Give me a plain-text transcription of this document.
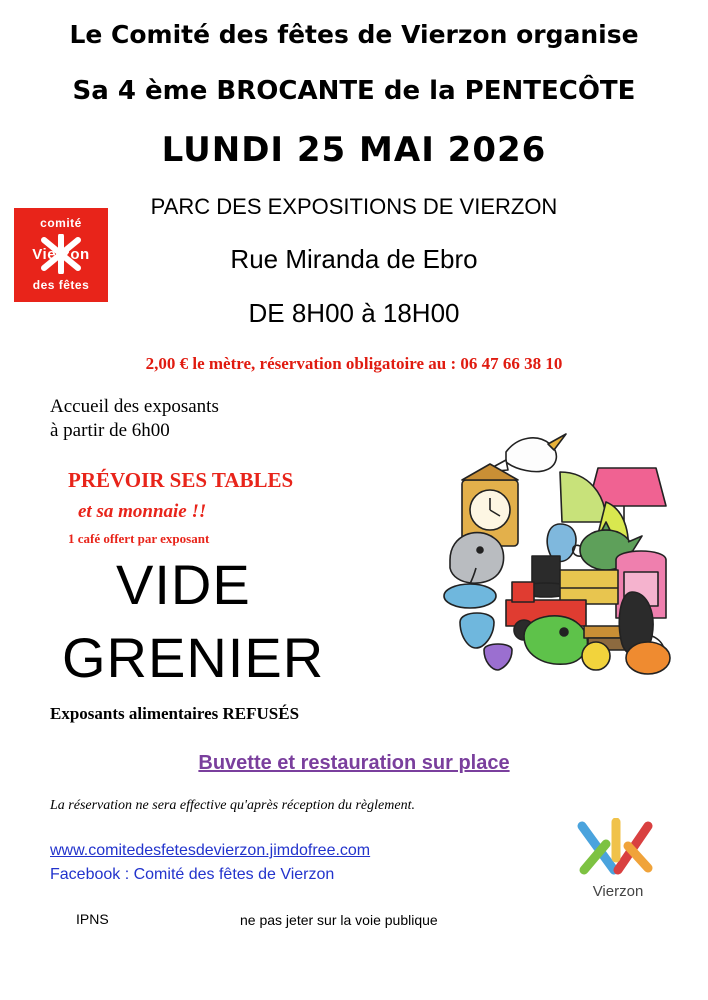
Le Comité des fêtes de Vierzon organise
Sa 4 ème BROCANTE de la PENTECÔTE
LUNDI 25 MAI 2026
PARC DES EXPOSITIONS DE VIERZON
Rue Miranda de Ebro
DE 8H00 à 18H00
2,00 € le mètre, réservation obligatoire au : 06 47 66 38 10
comité
Vierzon
des fêtes
Accueil des exposants
à partir de 6h00
PRÉVOIR SES TABLES
et sa monnaie !!
1 café offert par exposant
VIDE
GRENIER
Exposants alimentaires REFUSÉS
Buvette et restauration sur place
La réservation ne sera effective qu'après réception du règlement.
www.comitedesfetesdevierzon.jimdofree.com
Facebook : Comité des fêtes de Vierzon
IPNS	ne pas jeter sur la voie publique
Vierzon
